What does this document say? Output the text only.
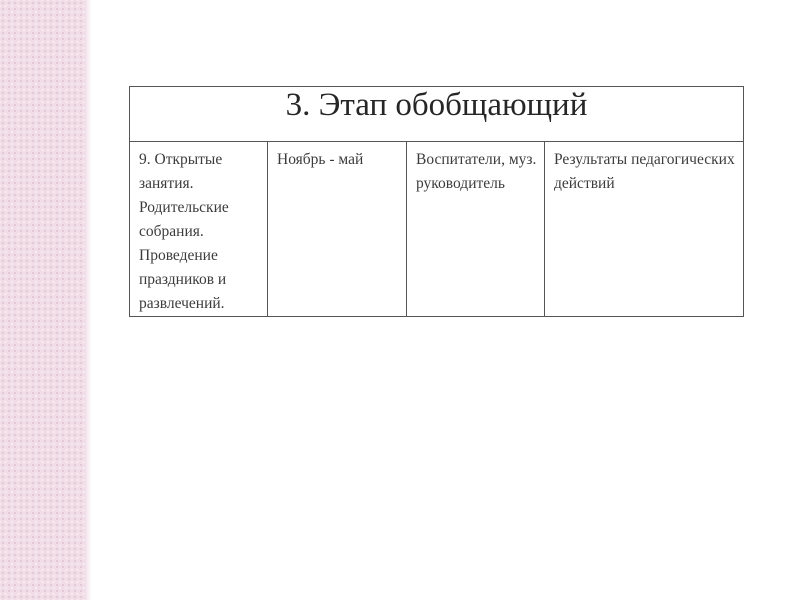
3. Этап обобщающий
9. Открытые занятия. Родительские собрания. Проведение праздников и развлечений.	Ноябрь - май	Воспитатели, муз. руководитель	Результаты педагогических действий
